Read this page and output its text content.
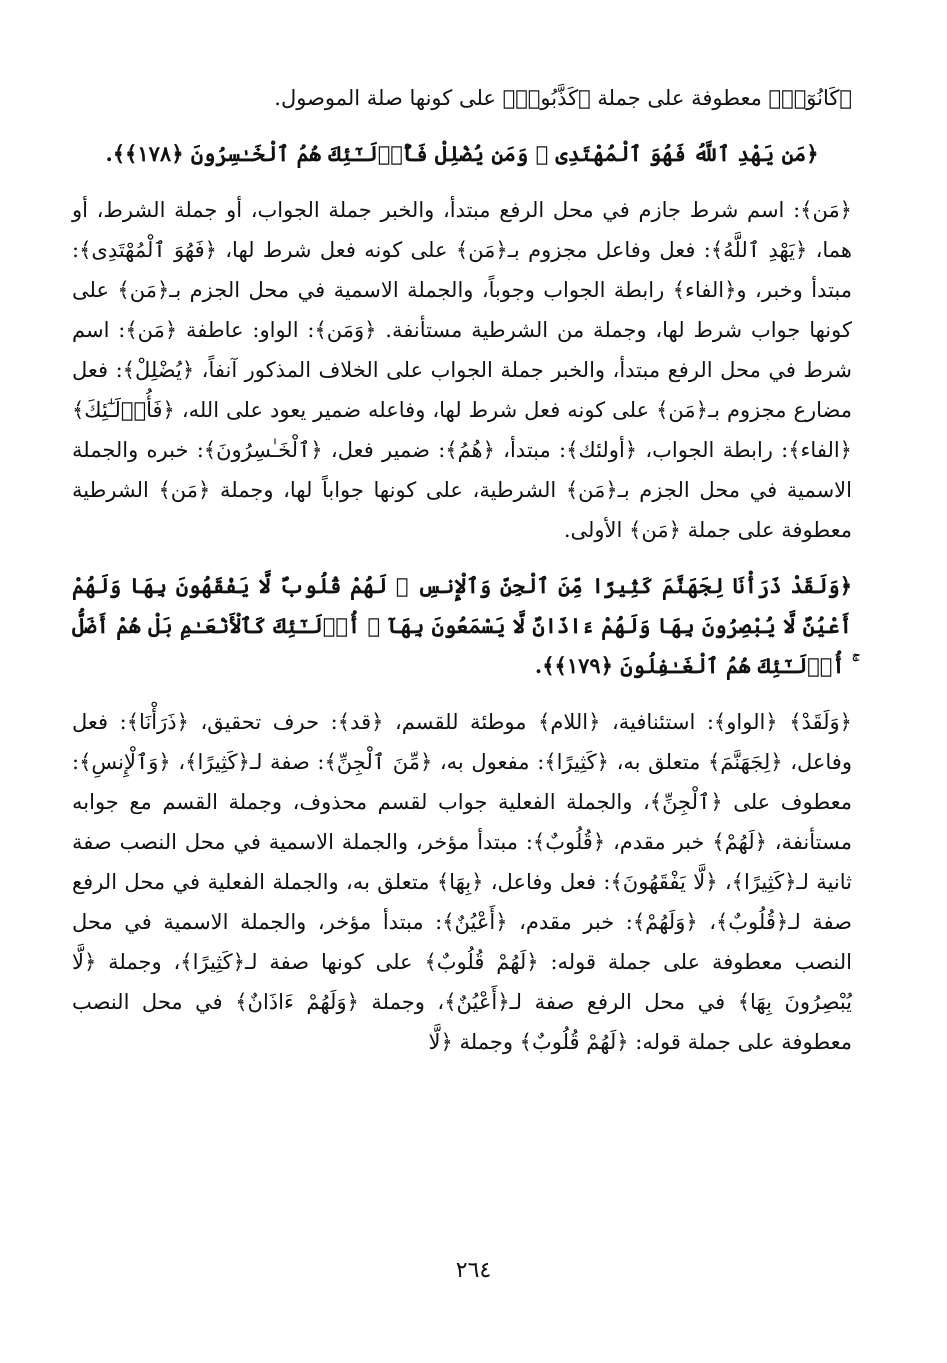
﴿كَانُوٓا۟﴾ معطوفة على جملة ﴿كَذَّبُوا۟﴾ على كونها صلة الموصول.

﴿مَن يَهْدِ ٱللَّهُ فَهُوَ ٱلْمُهْتَدِى ۖ وَمَن يُضْلِلْ فَأُو۟لَـٰٓئِكَ هُمُ ٱلْخَـٰسِرُونَ ﴿١٧٨﴾﴾.

﴿مَن﴾: اسم شرط جازم في محل الرفع مبتدأ، والخبر جملة الجواب، أو جملة الشرط، أو هما، ﴿يَهْدِ ٱللَّهُ﴾: فعل وفاعل مجزوم بـ﴿مَن﴾ على كونه فعل شرط لها، ﴿فَهُوَ ٱلْمُهْتَدِى﴾: مبتدأ وخبر، و﴿الفاء﴾ رابطة الجواب وجوباً، والجملة الاسمية في محل الجزم بـ﴿مَن﴾ على كونها جواب شرط لها، وجملة من الشرطية مستأنفة. ﴿وَمَن﴾: الواو: عاطفة ﴿مَن﴾: اسم شرط في محل الرفع مبتدأ، والخبر جملة الجواب على الخلاف المذكور آنفاً، ﴿يُضْلِلْ﴾: فعل مضارع مجزوم بـ﴿مَن﴾ على كونه فعل شرط لها، وفاعله ضمير يعود على الله، ﴿فَأُو۟لَـٰٓئِكَ﴾ ﴿الفاء﴾: رابطة الجواب، ﴿أولئك﴾: مبتدأ، ﴿هُمُ﴾: ضمير فعل، ﴿ٱلْخَـٰسِرُونَ﴾: خبره والجملة الاسمية في محل الجزم بـ﴿مَن﴾ الشرطية، على كونها جواباً لها، وجملة ﴿مَن﴾ الشرطية معطوفة على جملة ﴿مَن﴾ الأولى.

﴿وَلَقَدْ ذَرَأْنَا لِجَهَنَّمَ كَثِيرًا مِّنَ ٱلْجِنِّ وَٱلْإِنسِ ۖ لَهُمْ قُلُوبٌ لَّا يَفْقَهُونَ بِهَا وَلَهُمْ أَعْيُنٌ لَّا يُبْصِرُونَ بِهَا وَلَهُمْ ءَاذَانٌ لَّا يَسْمَعُونَ بِهَآ ۚ أُو۟لَـٰٓئِكَ كَٱلْأَنْعَـٰمِ بَلْ هُمْ أَضَلُّ ۚ أُو۟لَـٰٓئِكَ هُمُ ٱلْغَـٰفِلُونَ ﴿١٧٩﴾﴾.

﴿وَلَقَدْ﴾ ﴿الواو﴾: استئنافية، ﴿اللام﴾ موطئة للقسم، ﴿قد﴾: حرف تحقيق، ﴿ذَرَأْنَا﴾: فعل وفاعل، ﴿لِجَهَنَّمَ﴾ متعلق به، ﴿كَثِيرًا﴾: مفعول به، ﴿مِّنَ ٱلْجِنِّ﴾: صفة لـ﴿كَثِيرًا﴾، ﴿وَٱلْإِنسِ﴾: معطوف على ﴿ٱلْجِنِّ﴾، والجملة الفعلية جواب لقسم محذوف، وجملة القسم مع جوابه مستأنفة، ﴿لَهُمْ﴾ خبر مقدم، ﴿قُلُوبٌ﴾: مبتدأ مؤخر، والجملة الاسمية في محل النصب صفة ثانية لـ﴿كَثِيرًا﴾، ﴿لَّا يَفْقَهُونَ﴾: فعل وفاعل، ﴿بِهَا﴾ متعلق به، والجملة الفعلية في محل الرفع صفة لـ﴿قُلُوبٌ﴾، ﴿وَلَهُمْ﴾: خبر مقدم، ﴿أَعْيُنٌ﴾: مبتدأ مؤخر، والجملة الاسمية في محل النصب معطوفة على جملة قوله: ﴿لَهُمْ قُلُوبٌ﴾ على كونها صفة لـ﴿كَثِيرًا﴾، وجملة ﴿لَّا يُبْصِرُونَ بِهَا﴾ في محل الرفع صفة لـ﴿أَعْيُنٌ﴾، وجملة ﴿وَلَهُمْ ءَاذَانٌ﴾ في محل النصب معطوفة على جملة قوله: ﴿لَهُمْ قُلُوبٌ﴾ وجملة ﴿لَّا

٢٦٤
